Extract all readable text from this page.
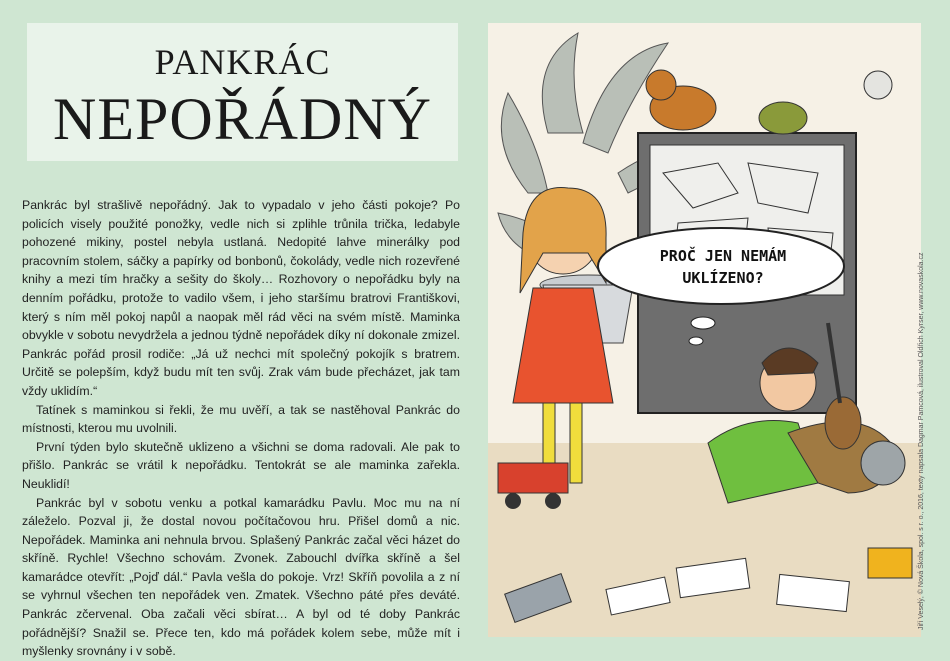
PANKRÁC
NEPOŘÁDNÝ

Pankrác byl strašlivě nepořádný. Jak to vypadalo v jeho části pokoje? Po policích visely použité ponožky, vedle nich si zplihle trůnila trička, ledabyle pohozené mikiny, postel nebyla ustlaná. Nedopité lahve minerálky pod pracovním stolem, sáčky a papírky od bonbonů, čokolády, vedle nich rozevřené knihy a mezi tím hračky a sešity do školy… Rozhovory o nepořádku byly na denním pořádku, protože to vadilo všem, i jeho staršímu bratrovi Františkovi, který s ním měl pokoj napůl a naopak měl rád věci na svém místě. Maminka obvykle v sobotu nevydržela a jednou týdně nepořádek díky ní dokonale zmizel. Pankrác pořád prosil rodiče: „Já už nechci mít společný pokojík s bratrem. Určitě se polepším, když budu mít ten svůj. Zrak vám bude přecházet, jak tam vždy uklidím.“

Tatínek s maminkou si řekli, že mu uvěří, a tak se nastěhoval Pankrác do místnosti, kterou mu uvolnili.

První týden bylo skutečně uklizeno a všichni se doma radovali. Ale pak to přišlo. Pankrác se vrátil k nepořádku. Tentokrát se ale maminka zařekla. Neuklidí!

Pankrác byl v sobotu venku a potkal kamarádku Pavlu. Moc mu na ní záleželo. Pozval ji, že dostal novou počítačovou hru. Přišel domů a nic. Nepořádek. Maminka ani nehnula brvou. Splašený Pankrác začal věci házet do skříně. Rychle! Všechno schovám. Zvonek. Zabouchl dvířka skříně a šel kamarádce otevřít: „Pojď dál.“ Pavla vešla do pokoje. Vrz! Skříň povolila a z ní se vyhrnul všechen ten nepořádek ven. Zmatek. Všechno páté přes deváté. Pankrác zčervenal. Oba začali věci sbírat… A byl od té doby Pankrác pořádnější? Snažil se. Přece ten, kdo má pořádek kolem sebe, může mít i myšlenky srovnány i v sobě.

PROČ JEN NEMÁM
UKLÍZENO?	Jiří Veselý, © Nová Škola, spol. s r. o., 2016, texty napsala Dagmar Pamcová, ilustroval Oldřich Kyrser, www.novaskola.cz
